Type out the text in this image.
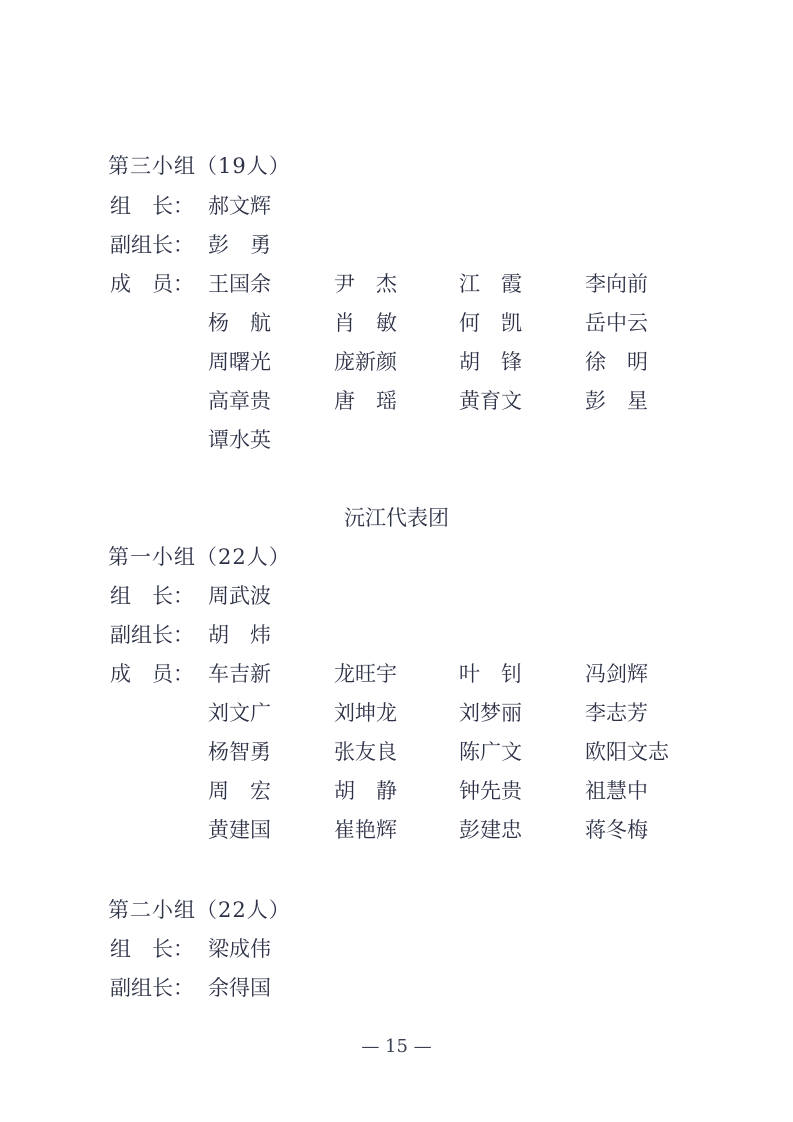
第三小组（19人）
组　长： 郝文辉
副组长： 彭　勇
成　员： 王国余	尹　杰	江　霞	李向前
杨　航	肖　敏	何　凯	岳中云
周曙光	庞新颜	胡　锋	徐　明
高章贵	唐　瑶	黄育文	彭　星
谭水英
沅江代表团
第一小组（22人）
组　长： 周武波
副组长： 胡　炜
成　员： 车吉新	龙旺宇	叶　钊	冯剑辉
刘文广	刘坤龙	刘梦丽	李志芳
杨智勇	张友良	陈广文	欧阳文志
周　宏	胡　静	钟先贵	祖慧中
黄建国	崔艳辉	彭建忠	蒋冬梅
第二小组（22人）
组　长： 梁成伟
副组长： 余得国
— 15 —
